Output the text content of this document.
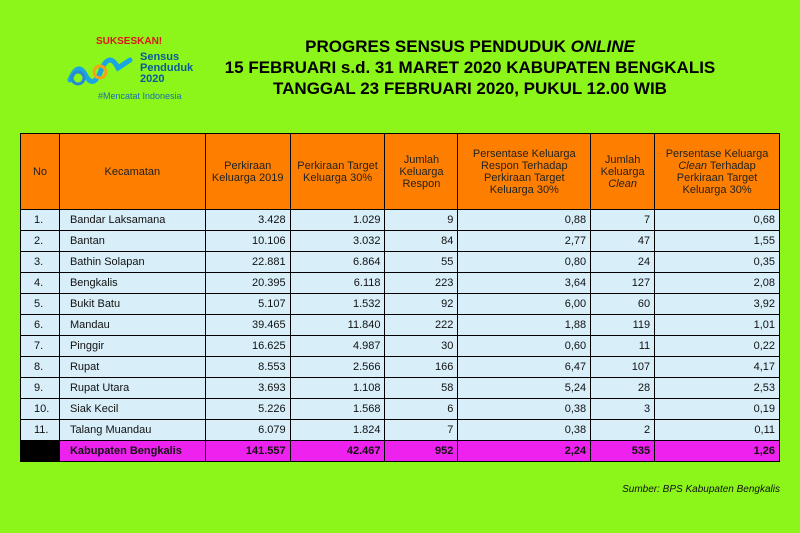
SUKSESKAN!
Sensus
Penduduk
2020
#Mencatat Indonesia
PROGRES SENSUS PENDUDUK ONLINE
15 FEBRUARI s.d. 31 MARET 2020 KABUPATEN BENGKALIS
TANGGAL 23 FEBRUARI 2020, PUKUL 12.00 WIB
No	Kecamatan	Perkiraan Keluarga 2019	Perkiraan Target Keluarga 30%	Jumlah Keluarga Respon	Persentase Keluarga Respon Terhadap Perkiraan Target Keluarga 30%	Jumlah Keluarga Clean	Persentase Keluarga Clean Terhadap Perkiraan Target Keluarga 30%
1.	Bandar Laksamana	3.428	1.029	9	0,88	7	0,68
2.	Bantan	10.106	3.032	84	2,77	47	1,55
3.	Bathin Solapan	22.881	6.864	55	0,80	24	0,35
4.	Bengkalis	20.395	6.118	223	3,64	127	2,08
5.	Bukit Batu	5.107	1.532	92	6,00	60	3,92
6.	Mandau	39.465	11.840	222	1,88	119	1,01
7.	Pinggir	16.625	4.987	30	0,60	11	0,22
8.	Rupat	8.553	2.566	166	6,47	107	4,17
9.	Rupat Utara	3.693	1.108	58	5,24	28	2,53
10.	Siak Kecil	5.226	1.568	6	0,38	3	0,19
11.	Talang Muandau	6.079	1.824	7	0,38	2	0,11
	Kabupaten Bengkalis	141.557	42.467	952	2,24	535	1,26
Sumber: BPS Kabupaten Bengkalis
